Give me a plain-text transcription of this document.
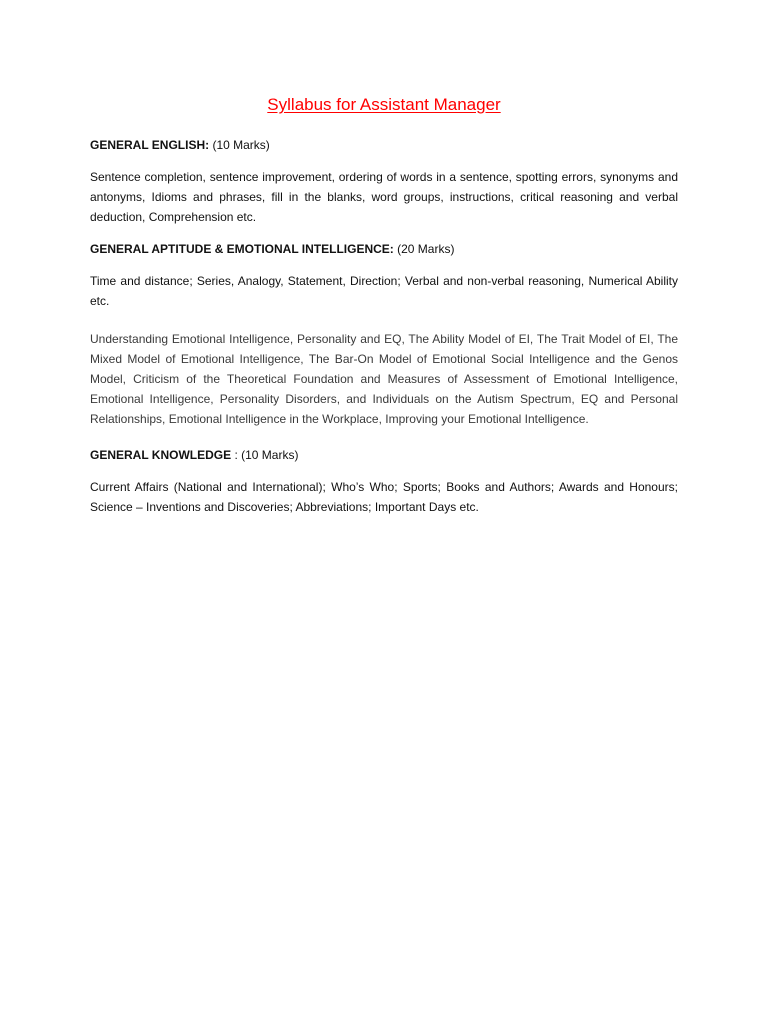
Syllabus for Assistant Manager
GENERAL ENGLISH: (10 Marks)

Sentence completion, sentence improvement, ordering of words in a sentence, spotting errors, synonyms and antonyms, Idioms and phrases, fill in the blanks, word groups, instructions, critical reasoning and verbal deduction, Comprehension etc.

GENERAL APTITUDE & EMOTIONAL INTELLIGENCE: (20 Marks)

Time and distance; Series, Analogy, Statement, Direction; Verbal and non-verbal reasoning, Numerical Ability etc.

Understanding Emotional Intelligence, Personality and EQ, The Ability Model of EI, The Trait Model of EI, The Mixed Model of Emotional Intelligence, The Bar-On Model of Emotional Social Intelligence and the Genos Model, Criticism of the Theoretical Foundation and Measures of Assessment of Emotional Intelligence, Emotional Intelligence, Personality Disorders, and Individuals on the Autism Spectrum, EQ and Personal Relationships, Emotional Intelligence in the Workplace, Improving your Emotional Intelligence.

GENERAL KNOWLEDGE : (10 Marks)

Current Affairs (National and International); Who’s Who; Sports; Books and Authors; Awards and Honours; Science – Inventions and Discoveries; Abbreviations; Important Days etc.
